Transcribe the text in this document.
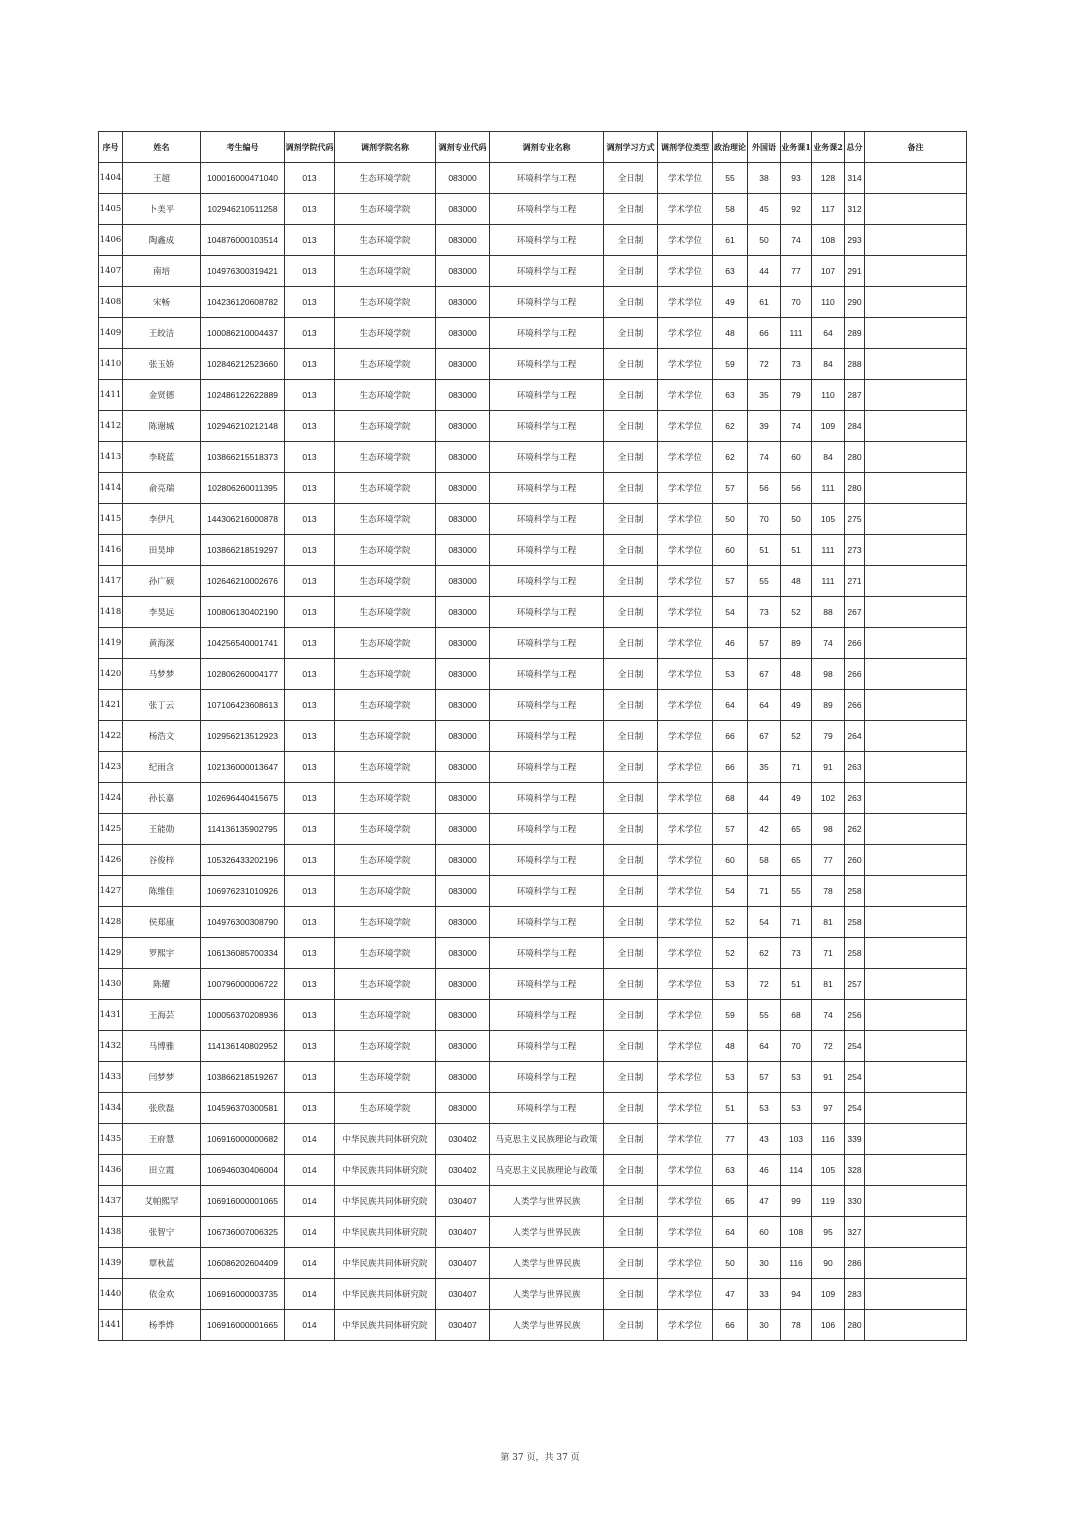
序号	姓名	考生编号	调剂学院代码	调剂学院名称	调剂专业代码	调剂专业名称	调剂学习方式	调剂学位类型	政治理论	外国语	业务课1	业务课2	总分	备注
1404	王超	100016000471040	013	生态环境学院	083000	环境科学与工程	全日制	学术学位	55	38	93	128	314	
1405	卜美平	102946210511258	013	生态环境学院	083000	环境科学与工程	全日制	学术学位	58	45	92	117	312	
1406	陶鑫成	104876000103514	013	生态环境学院	083000	环境科学与工程	全日制	学术学位	61	50	74	108	293	
1407	南培	104976300319421	013	生态环境学院	083000	环境科学与工程	全日制	学术学位	63	44	77	107	291	
1408	宋畅	104236120608782	013	生态环境学院	083000	环境科学与工程	全日制	学术学位	49	61	70	110	290	
1409	王皎洁	100086210004437	013	生态环境学院	083000	环境科学与工程	全日制	学术学位	48	66	111	64	289	
1410	张玉娇	102846212523660	013	生态环境学院	083000	环境科学与工程	全日制	学术学位	59	72	73	84	288	
1411	金贤德	102486122622889	013	生态环境学院	083000	环境科学与工程	全日制	学术学位	63	35	79	110	287	
1412	陈谢城	102946210212148	013	生态环境学院	083000	环境科学与工程	全日制	学术学位	62	39	74	109	284	
1413	李晓蓝	103866215518373	013	生态环境学院	083000	环境科学与工程	全日制	学术学位	62	74	60	84	280	
1414	俞亮瑞	102806260011395	013	生态环境学院	083000	环境科学与工程	全日制	学术学位	57	56	56	111	280	
1415	李伊凡	144306216000878	013	生态环境学院	083000	环境科学与工程	全日制	学术学位	50	70	50	105	275	
1416	田昊坤	103866218519297	013	生态环境学院	083000	环境科学与工程	全日制	学术学位	60	51	51	111	273	
1417	孙广硕	102646210002676	013	生态环境学院	083000	环境科学与工程	全日制	学术学位	57	55	48	111	271	
1418	李昊远	100806130402190	013	生态环境学院	083000	环境科学与工程	全日制	学术学位	54	73	52	88	267	
1419	黄海深	104256540001741	013	生态环境学院	083000	环境科学与工程	全日制	学术学位	46	57	89	74	266	
1420	马梦梦	102806260004177	013	生态环境学院	083000	环境科学与工程	全日制	学术学位	53	67	48	98	266	
1421	张丁云	107106423608613	013	生态环境学院	083000	环境科学与工程	全日制	学术学位	64	64	49	89	266	
1422	杨浩文	102956213512923	013	生态环境学院	083000	环境科学与工程	全日制	学术学位	66	67	52	79	264	
1423	纪雨含	102136000013647	013	生态环境学院	083000	环境科学与工程	全日制	学术学位	66	35	71	91	263	
1424	孙长嘉	102696440415675	013	生态环境学院	083000	环境科学与工程	全日制	学术学位	68	44	49	102	263	
1425	王能勋	114136135902795	013	生态环境学院	083000	环境科学与工程	全日制	学术学位	57	42	65	98	262	
1426	谷俊梓	105326433202196	013	生态环境学院	083000	环境科学与工程	全日制	学术学位	60	58	65	77	260	
1427	陈维佳	106976231010926	013	生态环境学院	083000	环境科学与工程	全日制	学术学位	54	71	55	78	258	
1428	侯郑康	104976300308790	013	生态环境学院	083000	环境科学与工程	全日制	学术学位	52	54	71	81	258	
1429	罗熙宇	106136085700334	013	生态环境学院	083000	环境科学与工程	全日制	学术学位	52	62	73	71	258	
1430	陈耀	100796000006722	013	生态环境学院	083000	环境科学与工程	全日制	学术学位	53	72	51	81	257	
1431	王海芸	100056370208936	013	生态环境学院	083000	环境科学与工程	全日制	学术学位	59	55	68	74	256	
1432	马博雅	114136140802952	013	生态环境学院	083000	环境科学与工程	全日制	学术学位	48	64	70	72	254	
1433	闫梦梦	103866218519267	013	生态环境学院	083000	环境科学与工程	全日制	学术学位	53	57	53	91	254	
1434	张欣磊	104596370300581	013	生态环境学院	083000	环境科学与工程	全日制	学术学位	51	53	53	97	254	
1435	王府慧	106916000000682	014	中华民族共同体研究院	030402	马克思主义民族理论与政策	全日制	学术学位	77	43	103	116	339	
1436	田立霞	106946030406004	014	中华民族共同体研究院	030402	马克思主义民族理论与政策	全日制	学术学位	63	46	114	105	328	
1437	艾帕熙罕	106916000001065	014	中华民族共同体研究院	030407	人类学与世界民族	全日制	学术学位	65	47	99	119	330	
1438	张智宁	106736007006325	014	中华民族共同体研究院	030407	人类学与世界民族	全日制	学术学位	64	60	108	95	327	
1439	覃秋蓝	106086202604409	014	中华民族共同体研究院	030407	人类学与世界民族	全日制	学术学位	50	30	116	90	286	
1440	依金欢	106916000003735	014	中华民族共同体研究院	030407	人类学与世界民族	全日制	学术学位	47	33	94	109	283	
1441	杨季烨	106916000001665	014	中华民族共同体研究院	030407	人类学与世界民族	全日制	学术学位	66	30	78	106	280	
第 37 页，共 37 页
